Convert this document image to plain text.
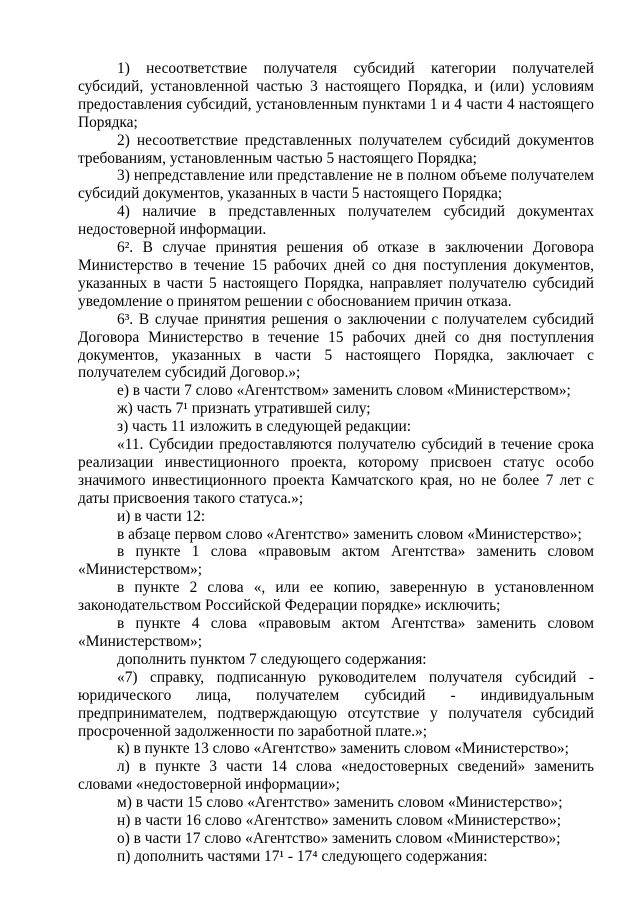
1) несоответствие получателя субсидий категории получателей субсидий, установленной частью 3 настоящего Порядка, и (или) условиям предоставления субсидий, установленным пунктами 1 и 4 части 4 настоящего Порядка;

2) несоответствие представленных получателем субсидий документов требованиям, установленным частью 5 настоящего Порядка;

3) непредставление или представление не в полном объеме получателем субсидий документов, указанных в части 5 настоящего Порядка;

4) наличие в представленных получателем субсидий документах недостоверной информации.

6². В случае принятия решения об отказе в заключении Договора Министерство в течение 15 рабочих дней со дня поступления документов, указанных в части 5 настоящего Порядка, направляет получателю субсидий уведомление о принятом решении с обоснованием причин отказа.

6³. В случае принятия решения о заключении с получателем субсидий Договора Министерство в течение 15 рабочих дней со дня поступления документов, указанных в части 5 настоящего Порядка, заключает с получателем субсидий Договор.»;

е) в части 7 слово «Агентством» заменить словом «Министерством»;

ж) часть 7¹ признать утратившей силу;

з) часть 11 изложить в следующей редакции:

«11. Субсидии предоставляются получателю субсидий в течение срока реализации инвестиционного проекта, которому присвоен статус особо значимого инвестиционного проекта Камчатского края, но не более 7 лет с даты присвоения такого статуса.»;

и) в части 12:

в абзаце первом слово «Агентство» заменить словом «Министерство»;

в пункте 1 слова «правовым актом Агентства» заменить словом «Министерством»;

в пункте 2 слова «, или ее копию, заверенную в установленном законодательством Российской Федерации порядке» исключить;

в пункте 4 слова «правовым актом Агентства» заменить словом «Министерством»;

дополнить пунктом 7 следующего содержания:

«7) справку, подписанную руководителем получателя субсидий - юридического лица, получателем субсидий - индивидуальным предпринимателем, подтверждающую отсутствие у получателя субсидий просроченной задолженности по заработной плате.»;

к) в пункте 13 слово «Агентство» заменить словом «Министерство»;

л) в пункте 3 части 14 слова «недостоверных сведений» заменить словами «недостоверной информации»;

м) в части 15 слово «Агентство» заменить словом «Министерство»;

н) в части 16 слово «Агентство» заменить словом «Министерство»;

о) в части 17 слово «Агентство» заменить словом «Министерство»;

п) дополнить частями 17¹ - 17⁴ следующего содержания:
